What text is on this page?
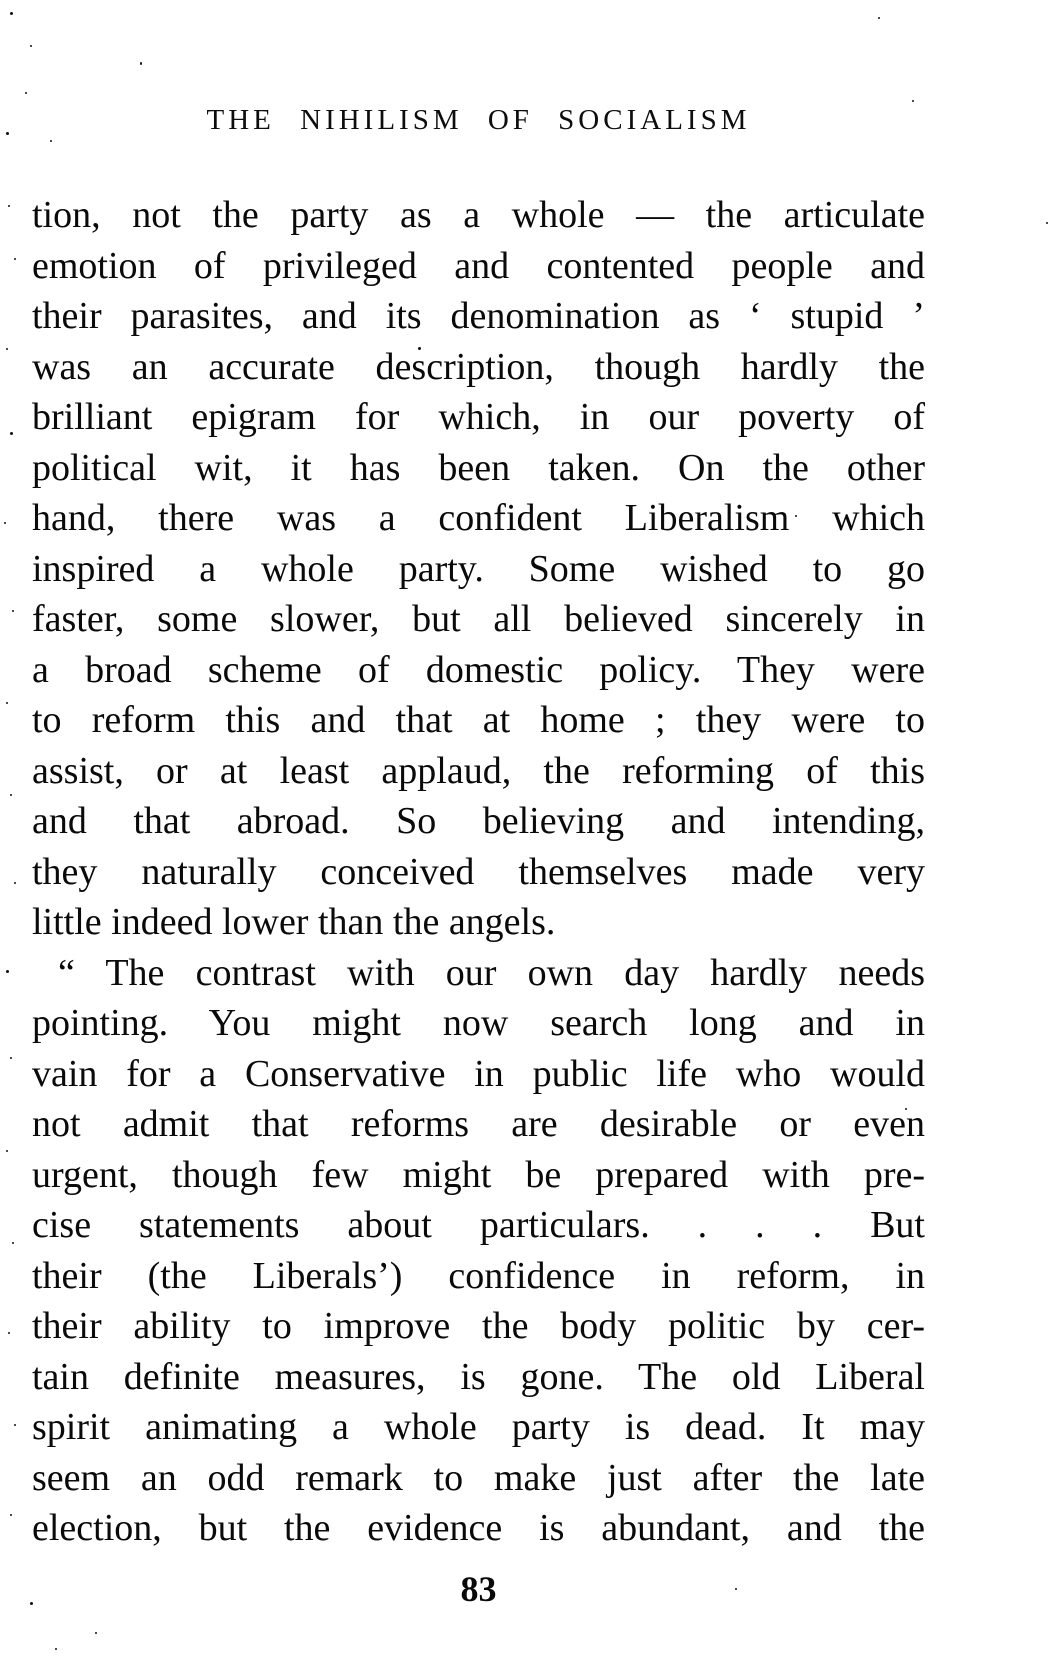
THE NIHILISM OF SOCIALISM
tion, not the party as a whole — the articulate
emotion of privileged and contented people and
their parasites, and its denomination as ‘ stupid ’
was an accurate description, though hardly the
brilliant epigram for which, in our poverty of
political wit, it has been taken. On the other
hand, there was a confident Liberalism which
inspired a whole party. Some wished to go
faster, some slower, but all believed sincerely in
a broad scheme of domestic policy. They were
to reform this and that at home ; they were to
assist, or at least applaud, the reforming of this
and that abroad. So believing and intending,
they naturally conceived themselves made very
little indeed lower than the angels.
“ The contrast with our own day hardly needs
pointing. You might now search long and in
vain for a Conservative in public life who would
not admit that reforms are desirable or even
urgent, though few might be prepared with pre-
cise statements about particulars. . . . But
their (the Liberals’) confidence in reform, in
their ability to improve the body politic by cer-
tain definite measures, is gone. The old Liberal
spirit animating a whole party is dead. It may
seem an odd remark to make just after the late
election, but the evidence is abundant, and the
83
